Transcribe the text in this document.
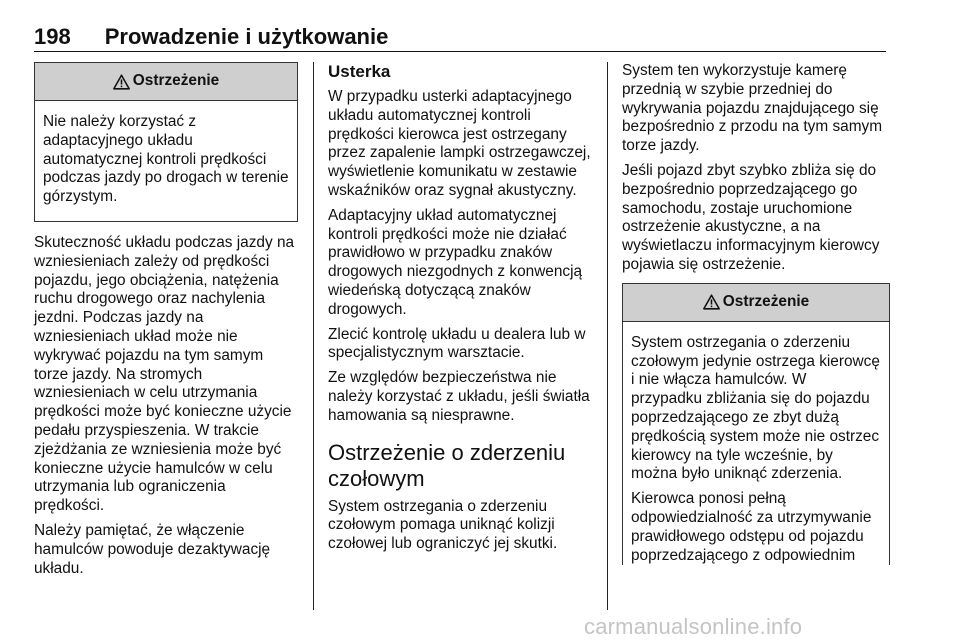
198 Prowadzenie i użytkowanie
Ostrzeżenie

Nie należy korzystać z adaptacyjnego układu automatycznej kontroli prędkości podczas jazdy po drogach w terenie górzystym.

Skuteczność układu podczas jazdy na wzniesieniach zależy od prędkości pojazdu, jego obciążenia, natężenia ruchu drogowego oraz nachylenia jezdni. Podczas jazdy na wzniesieniach układ może nie wykrywać pojazdu na tym samym torze jazdy. Na stromych wzniesieniach w celu utrzymania prędkości może być konieczne użycie pedału przyspieszenia. W trakcie zjeżdżania ze wzniesienia może być konieczne użycie hamulców w celu utrzymania lub ograniczenia prędkości.

Należy pamiętać, że włączenie hamulców powoduje dezaktywację układu.

Usterka

W przypadku usterki adaptacyjnego układu automatycznej kontroli prędkości kierowca jest ostrzegany przez zapalenie lampki ostrzegawczej, wyświetlenie komunikatu w zestawie wskaźników oraz sygnał akustyczny.

Adaptacyjny układ automatycznej kontroli prędkości może nie działać prawidłowo w przypadku znaków drogowych niezgodnych z konwencją wiedeńską dotyczącą znaków drogowych.

Zlecić kontrolę układu u dealera lub w specjalistycznym warsztacie.

Ze względów bezpieczeństwa nie należy korzystać z układu, jeśli światła hamowania są niesprawne.

Ostrzeżenie o zderzeniu czołowym

System ostrzegania o zderzeniu czołowym pomaga uniknąć kolizji czołowej lub ograniczyć jej skutki.

System ten wykorzystuje kamerę przednią w szybie przedniej do wykrywania pojazdu znajdującego się bezpośrednio z przodu na tym samym torze jazdy.

Jeśli pojazd zbyt szybko zbliża się do bezpośrednio poprzedzającego go samochodu, zostaje uruchomione ostrzeżenie akustyczne, a na wyświetlaczu informacyjnym kierowcy pojawia się ostrzeżenie.

Ostrzeżenie

System ostrzegania o zderzeniu czołowym jedynie ostrzega kierowcę i nie włącza hamulców. W przypadku zbliżania się do pojazdu poprzedzającego ze zbyt dużą prędkością system może nie ostrzec kierowcy na tyle wcześnie, by można było uniknąć zderzenia.

Kierowca ponosi pełną odpowiedzialność za utrzymywanie prawidłowego odstępu od pojazdu poprzedzającego z odpowiednim

carmanualsonline.info
